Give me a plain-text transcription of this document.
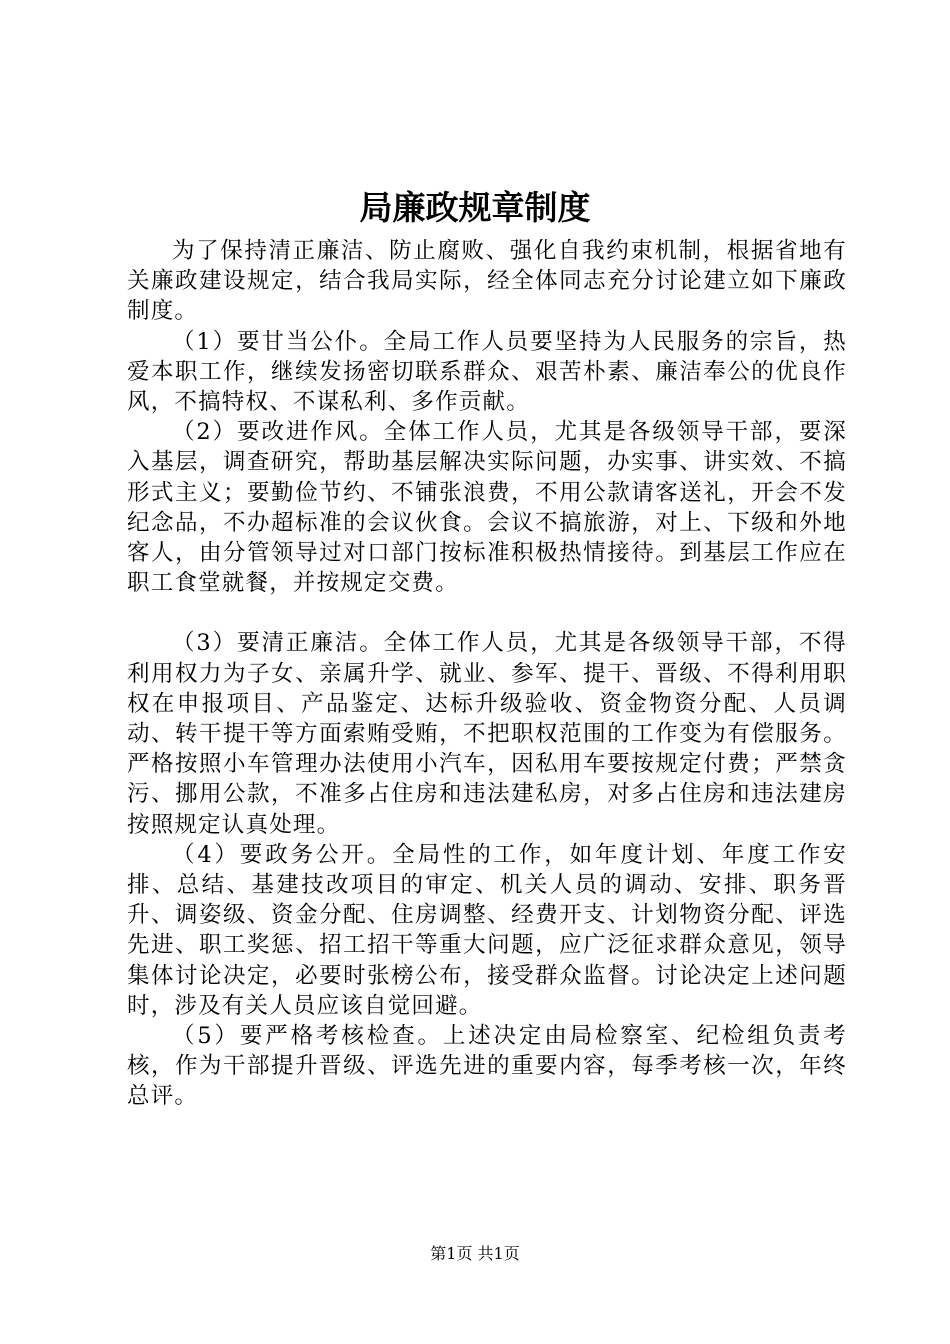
局廉政规章制度

为了保持清正廉洁、防止腐败、强化自我约束机制，根据省地有关廉政建设规定，结合我局实际，经全体同志充分讨论建立如下廉政制度。

（1）要甘当公仆。全局工作人员要坚持为人民服务的宗旨，热爱本职工作，继续发扬密切联系群众、艰苦朴素、廉洁奉公的优良作风，不搞特权、不谋私利、多作贡献。

（2）要改进作风。全体工作人员，尤其是各级领导干部，要深入基层，调查研究，帮助基层解决实际问题，办实事、讲实效、不搞形式主义；要勤俭节约、不铺张浪费，不用公款请客送礼，开会不发纪念品，不办超标准的会议伙食。会议不搞旅游，对上、下级和外地客人，由分管领导过对口部门按标准积极热情接待。到基层工作应在职工食堂就餐，并按规定交费。

（3）要清正廉洁。全体工作人员，尤其是各级领导干部，不得利用权力为子女、亲属升学、就业、参军、提干、晋级、不得利用职权在申报项目、产品鉴定、达标升级验收、资金物资分配、人员调动、转干提干等方面索贿受贿，不把职权范围的工作变为有偿服务。严格按照小车管理办法使用小汽车，因私用车要按规定付费；严禁贪污、挪用公款，不准多占住房和违法建私房，对多占住房和违法建房按照规定认真处理。

（4）要政务公开。全局性的工作，如年度计划、年度工作安排、总结、基建技改项目的审定、机关人员的调动、安排、职务晋升、调姿级、资金分配、住房调整、经费开支、计划物资分配、评选先进、职工奖惩、招工招干等重大问题，应广泛征求群众意见，领导集体讨论决定，必要时张榜公布，接受群众监督。讨论决定上述问题时，涉及有关人员应该自觉回避。

（5）要严格考核检查。上述决定由局检察室、纪检组负责考核，作为干部提升晋级、评选先进的重要内容，每季考核一次，年终总评。

第1页 共1页
